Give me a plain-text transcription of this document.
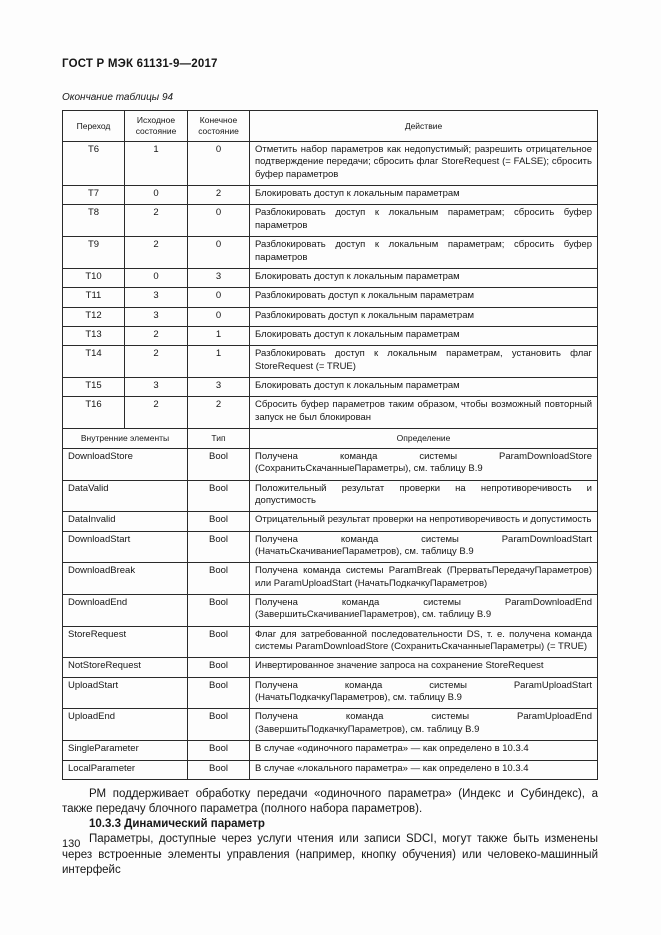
ГОСТ Р МЭК 61131-9—2017
Окончание таблицы 94
Переход	Исходное состояние	Конечное состояние	Действие
T6	1	0	Отметить набор параметров как недопустимый; разрешить отрицательное подтверждение передачи; сбросить флаг StoreRequest (= FALSE); сбросить буфер параметров
T7	0	2	Блокировать доступ к локальным параметрам
T8	2	0	Разблокировать доступ к локальным параметрам; сбросить буфер параметров
T9	2	0	Разблокировать доступ к локальным параметрам; сбросить буфер параметров
T10	0	3	Блокировать доступ к локальным параметрам
T11	3	0	Разблокировать доступ к локальным параметрам
T12	3	0	Разблокировать доступ к локальным параметрам
T13	2	1	Блокировать доступ к локальным параметрам
T14	2	1	Разблокировать доступ к локальным параметрам, установить флаг StoreRequest (= TRUE)
T15	3	3	Блокировать доступ к локальным параметрам
T16	2	2	Сбросить буфер параметров таким образом, чтобы возможный повторный запуск не был блокирован
Внутренние элементы		Тип	Определение
DownloadStore		Bool	Получена команда системы ParamDownloadStore (СохранитьСкачанныеПараметры), см. таблицу В.9
DataValid		Bool	Положительный результат проверки на непротиворечивость и допустимость
DataInvalid		Bool	Отрицательный результат проверки на непротиворечивость и допустимость
DownloadStart		Bool	Получена команда системы ParamDownloadStart (НачатьСкачиваниеПараметров), см. таблицу В.9
DownloadBreak		Bool	Получена команда системы ParamBreak (ПрерватьПередачуПараметров) или ParamUploadStart (НачатьПодкачкуПараметров)
DownloadEnd		Bool	Получена команда системы ParamDownloadEnd (ЗавершитьСкачиваниеПараметров), см. таблицу В.9
StoreRequest		Bool	Флаг для затребованной последовательности DS, т. е. получена команда системы ParamDownloadStore (СохранитьСкачанныеПараметры) (= TRUE)
NotStoreRequest		Bool	Инвертированное значение запроса на сохранение StoreRequest
UploadStart		Bool	Получена команда системы ParamUploadStart (НачатьПодкачкуПараметров), см. таблицу В.9
UploadEnd		Bool	Получена команда системы ParamUploadEnd (ЗавершитьПодкачкуПараметров), см. таблицу В.9
SingleParameter		Bool	В случае «одиночного параметра» — как определено в 10.3.4
LocalParameter		Bool	В случае «локального параметра» — как определено в 10.3.4

РМ поддерживает обработку передачи «одиночного параметра» (Индекс и Субиндекс), а также передачу блочного параметра (полного набора параметров).

10.3.3 Динамический параметр

Параметры, доступные через услуги чтения или записи SDCI, могут также быть изменены через встроенные элементы управления (например, кнопку обучения) или человеко-машинный интерфейс

130
